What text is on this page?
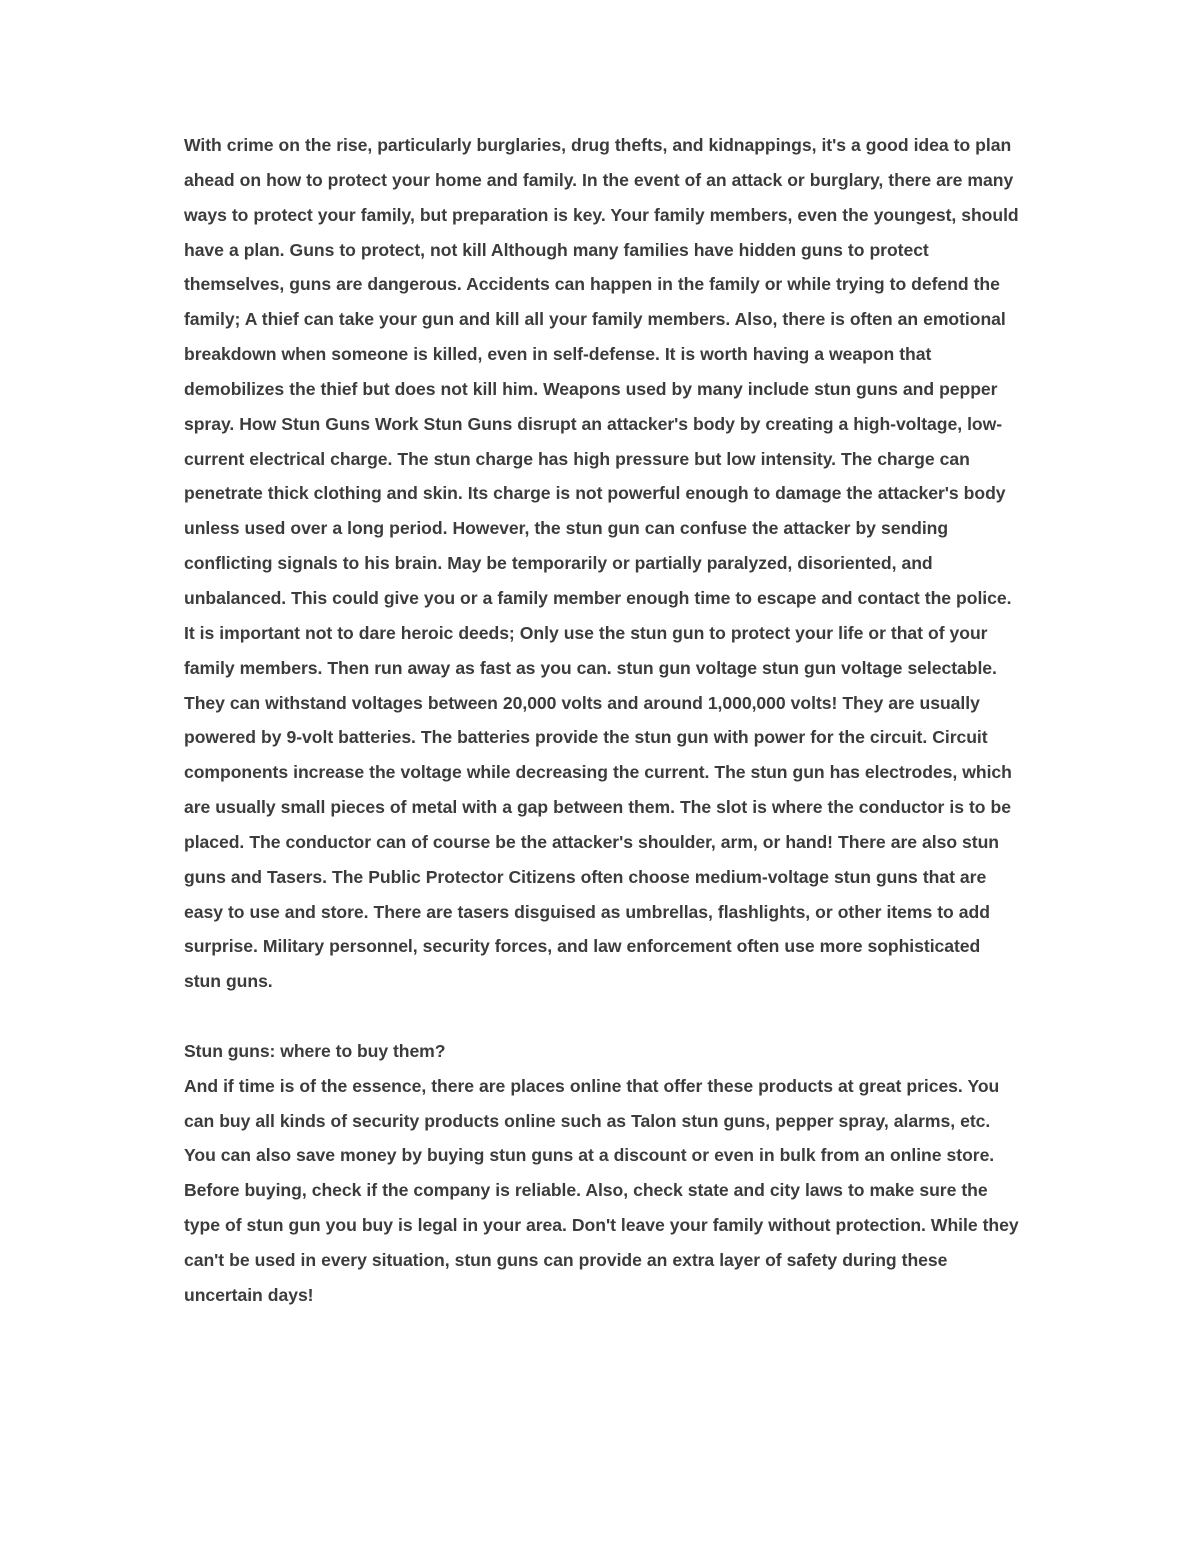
With crime on the rise, particularly burglaries, drug thefts, and kidnappings, it's a good idea to plan ahead on how to protect your home and family. In the event of an attack or burglary, there are many ways to protect your family, but preparation is key. Your family members, even the youngest, should have a plan. Guns to protect, not kill Although many families have hidden guns to protect themselves, guns are dangerous. Accidents can happen in the family or while trying to defend the family; A thief can take your gun and kill all your family members. Also, there is often an emotional breakdown when someone is killed, even in self-defense. It is worth having a weapon that demobilizes the thief but does not kill him. Weapons used by many include stun guns and pepper spray. How Stun Guns Work Stun Guns disrupt an attacker's body by creating a high-voltage, low-current electrical charge. The stun charge has high pressure but low intensity. The charge can penetrate thick clothing and skin. Its charge is not powerful enough to damage the attacker's body unless used over a long period. However, the stun gun can confuse the attacker by sending conflicting signals to his brain. May be temporarily or partially paralyzed, disoriented, and unbalanced. This could give you or a family member enough time to escape and contact the police. It is important not to dare heroic deeds; Only use the stun gun to protect your life or that of your family members. Then run away as fast as you can. stun gun voltage stun gun voltage selectable. They can withstand voltages between 20,000 volts and around 1,000,000 volts! They are usually powered by 9-volt batteries. The batteries provide the stun gun with power for the circuit. Circuit components increase the voltage while decreasing the current. The stun gun has electrodes, which are usually small pieces of metal with a gap between them. The slot is where the conductor is to be placed. The conductor can of course be the attacker's shoulder, arm, or hand! There are also stun guns and Tasers. The Public Protector Citizens often choose medium-voltage stun guns that are easy to use and store. There are tasers disguised as umbrellas, flashlights, or other items to add surprise. Military personnel, security forces, and law enforcement often use more sophisticated stun guns.

Stun guns: where to buy them?

And if time is of the essence, there are places online that offer these products at great prices. You can buy all kinds of security products online such as Talon stun guns, pepper spray, alarms, etc. You can also save money by buying stun guns at a discount or even in bulk from an online store. Before buying, check if the company is reliable. Also, check state and city laws to make sure the type of stun gun you buy is legal in your area. Don't leave your family without protection. While they can't be used in every situation, stun guns can provide an extra layer of safety during these uncertain days!
